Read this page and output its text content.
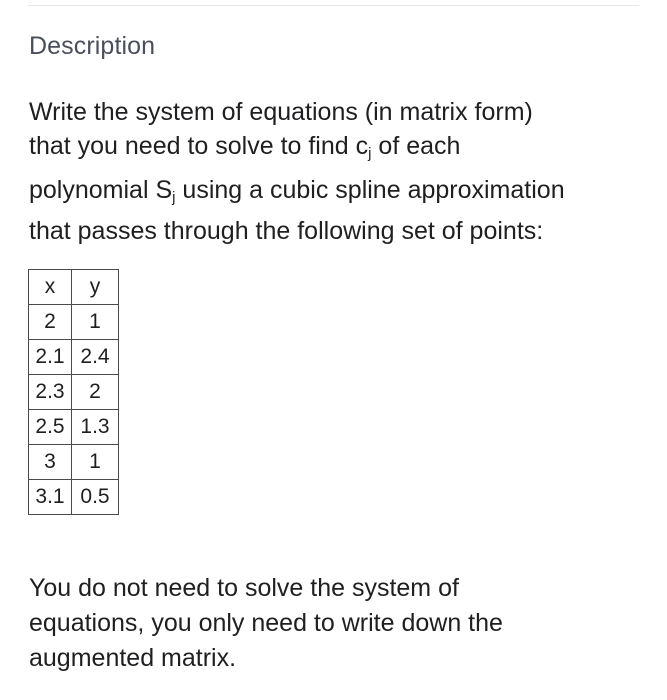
Description
Write the system of equations (in matrix form)
that you need to solve to find $c_j$ of each
polynomial $S_j$ using a cubic spline approximation
that passes through the following set of points:
x	y
2	1
2.1	2.4
2.3	2
2.5	1.3
3	1
3.1	0.5
You do not need to solve the system of
equations, you only need to write down the
augmented matrix.
